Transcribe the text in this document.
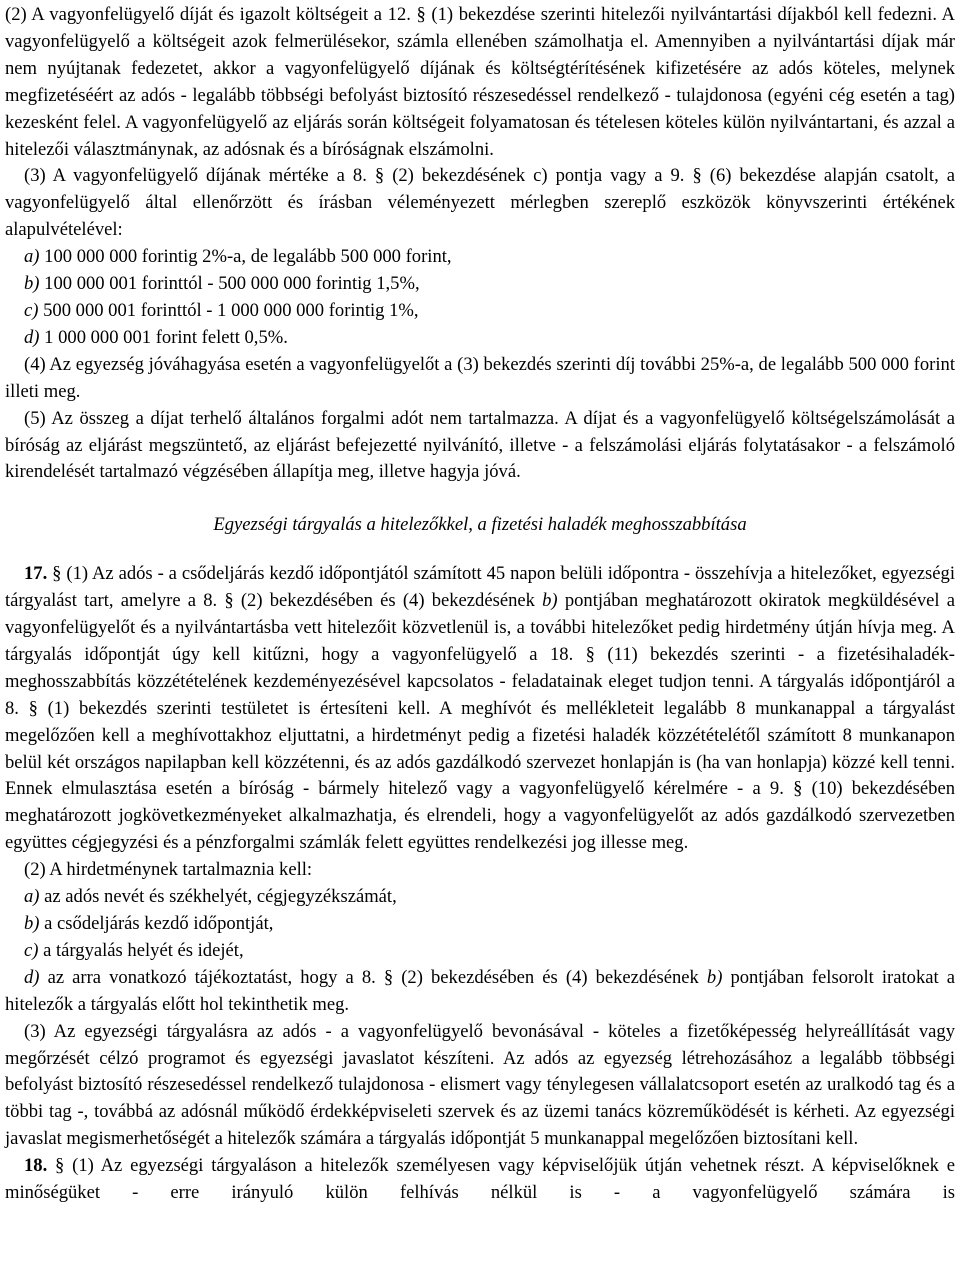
(2) A vagyonfelügyelő díját és igazolt költségeit a 12. § (1) bekezdése szerinti hitelezői nyilvántartási díjakból kell fedezni. A vagyonfelügyelő a költségeit azok felmerülésekor, számla ellenében számolhatja el. Amennyiben a nyilvántartási díjak már nem nyújtanak fedezetet, akkor a vagyonfelügyelő díjának és költségtérítésének kifizetésére az adós köteles, melynek megfizetéséért az adós - legalább többségi befolyást biztosító részesedéssel rendelkező - tulajdonosa (egyéni cég esetén a tag) kezesként felel. A vagyonfelügyelő az eljárás során költségeit folyamatosan és tételesen köteles külön nyilvántartani, és azzal a hitelezői választmánynak, az adósnak és a bíróságnak elszámolni.

(3) A vagyonfelügyelő díjának mértéke a 8. § (2) bekezdésének c) pontja vagy a 9. § (6) bekezdése alapján csatolt, a vagyonfelügyelő által ellenőrzött és írásban véleményezett mérlegben szereplő eszközök könyvszerinti értékének alapulvételével:

a) 100 000 000 forintig 2%-a, de legalább 500 000 forint,

b) 100 000 001 forinttól - 500 000 000 forintig 1,5%,

c) 500 000 001 forinttól - 1 000 000 000 forintig 1%,

d) 1 000 000 001 forint felett 0,5%.

(4) Az egyezség jóváhagyása esetén a vagyonfelügyelőt a (3) bekezdés szerinti díj további 25%-a, de legalább 500 000 forint illeti meg.

(5) Az összeg a díjat terhelő általános forgalmi adót nem tartalmazza. A díjat és a vagyonfelügyelő költségelszámolását a bíróság az eljárást megszüntető, az eljárást befejezetté nyilvánító, illetve - a felszámolási eljárás folytatásakor - a felszámoló kirendelését tartalmazó végzésében állapítja meg, illetve hagyja jóvá.

Egyezségi tárgyalás a hitelezőkkel, a fizetési haladék meghosszabbítása

17. § (1) Az adós - a csődeljárás kezdő időpontjától számított 45 napon belüli időpontra - összehívja a hitelezőket, egyezségi tárgyalást tart, amelyre a 8. § (2) bekezdésében és (4) bekezdésének b) pontjában meghatározott okiratok megküldésével a vagyonfelügyelőt és a nyilvántartásba vett hitelezőit közvetlenül is, a további hitelezőket pedig hirdetmény útján hívja meg. A tárgyalás időpontját úgy kell kitűzni, hogy a vagyonfelügyelő a 18. § (11) bekezdés szerinti - a fizetésihaladék-meghosszabbítás közzétételének kezdeményezésével kapcsolatos - feladatainak eleget tudjon tenni. A tárgyalás időpontjáról a 8. § (1) bekezdés szerinti testületet is értesíteni kell. A meghívót és mellékleteit legalább 8 munkanappal a tárgyalást megelőzően kell a meghívottakhoz eljuttatni, a hirdetményt pedig a fizetési haladék közzétételétől számított 8 munkanapon belül két országos napilapban kell közzétenni, és az adós gazdálkodó szervezet honlapján is (ha van honlapja) közzé kell tenni. Ennek elmulasztása esetén a bíróság - bármely hitelező vagy a vagyonfelügyelő kérelmére - a 9. § (10) bekezdésében meghatározott jogkövetkezményeket alkalmazhatja, és elrendeli, hogy a vagyonfelügyelőt az adós gazdálkodó szervezetben együttes cégjegyzési és a pénzforgalmi számlák felett együttes rendelkezési jog illesse meg.

(2) A hirdetménynek tartalmaznia kell:

a) az adós nevét és székhelyét, cégjegyzékszámát,

b) a csődeljárás kezdő időpontját,

c) a tárgyalás helyét és idejét,

d) az arra vonatkozó tájékoztatást, hogy a 8. § (2) bekezdésében és (4) bekezdésének b) pontjában felsorolt iratokat a hitelezők a tárgyalás előtt hol tekinthetik meg.

(3) Az egyezségi tárgyalásra az adós - a vagyonfelügyelő bevonásával - köteles a fizetőképesség helyreállítását vagy megőrzését célzó programot és egyezségi javaslatot készíteni. Az adós az egyezség létrehozásához a legalább többségi befolyást biztosító részesedéssel rendelkező tulajdonosa - elismert vagy ténylegesen vállalatcsoport esetén az uralkodó tag és a többi tag -, továbbá az adósnál működő érdekképviseleti szervek és az üzemi tanács közreműködését is kérheti. Az egyezségi javaslat megismerhetőségét a hitelezők számára a tárgyalás időpontját 5 munkanappal megelőzően biztosítani kell.

18. § (1) Az egyezségi tárgyaláson a hitelezők személyesen vagy képviselőjük útján vehetnek részt. A képviselőknek e minőségüket - erre irányuló külön felhívás nélkül is - a vagyonfelügyelő számára is
